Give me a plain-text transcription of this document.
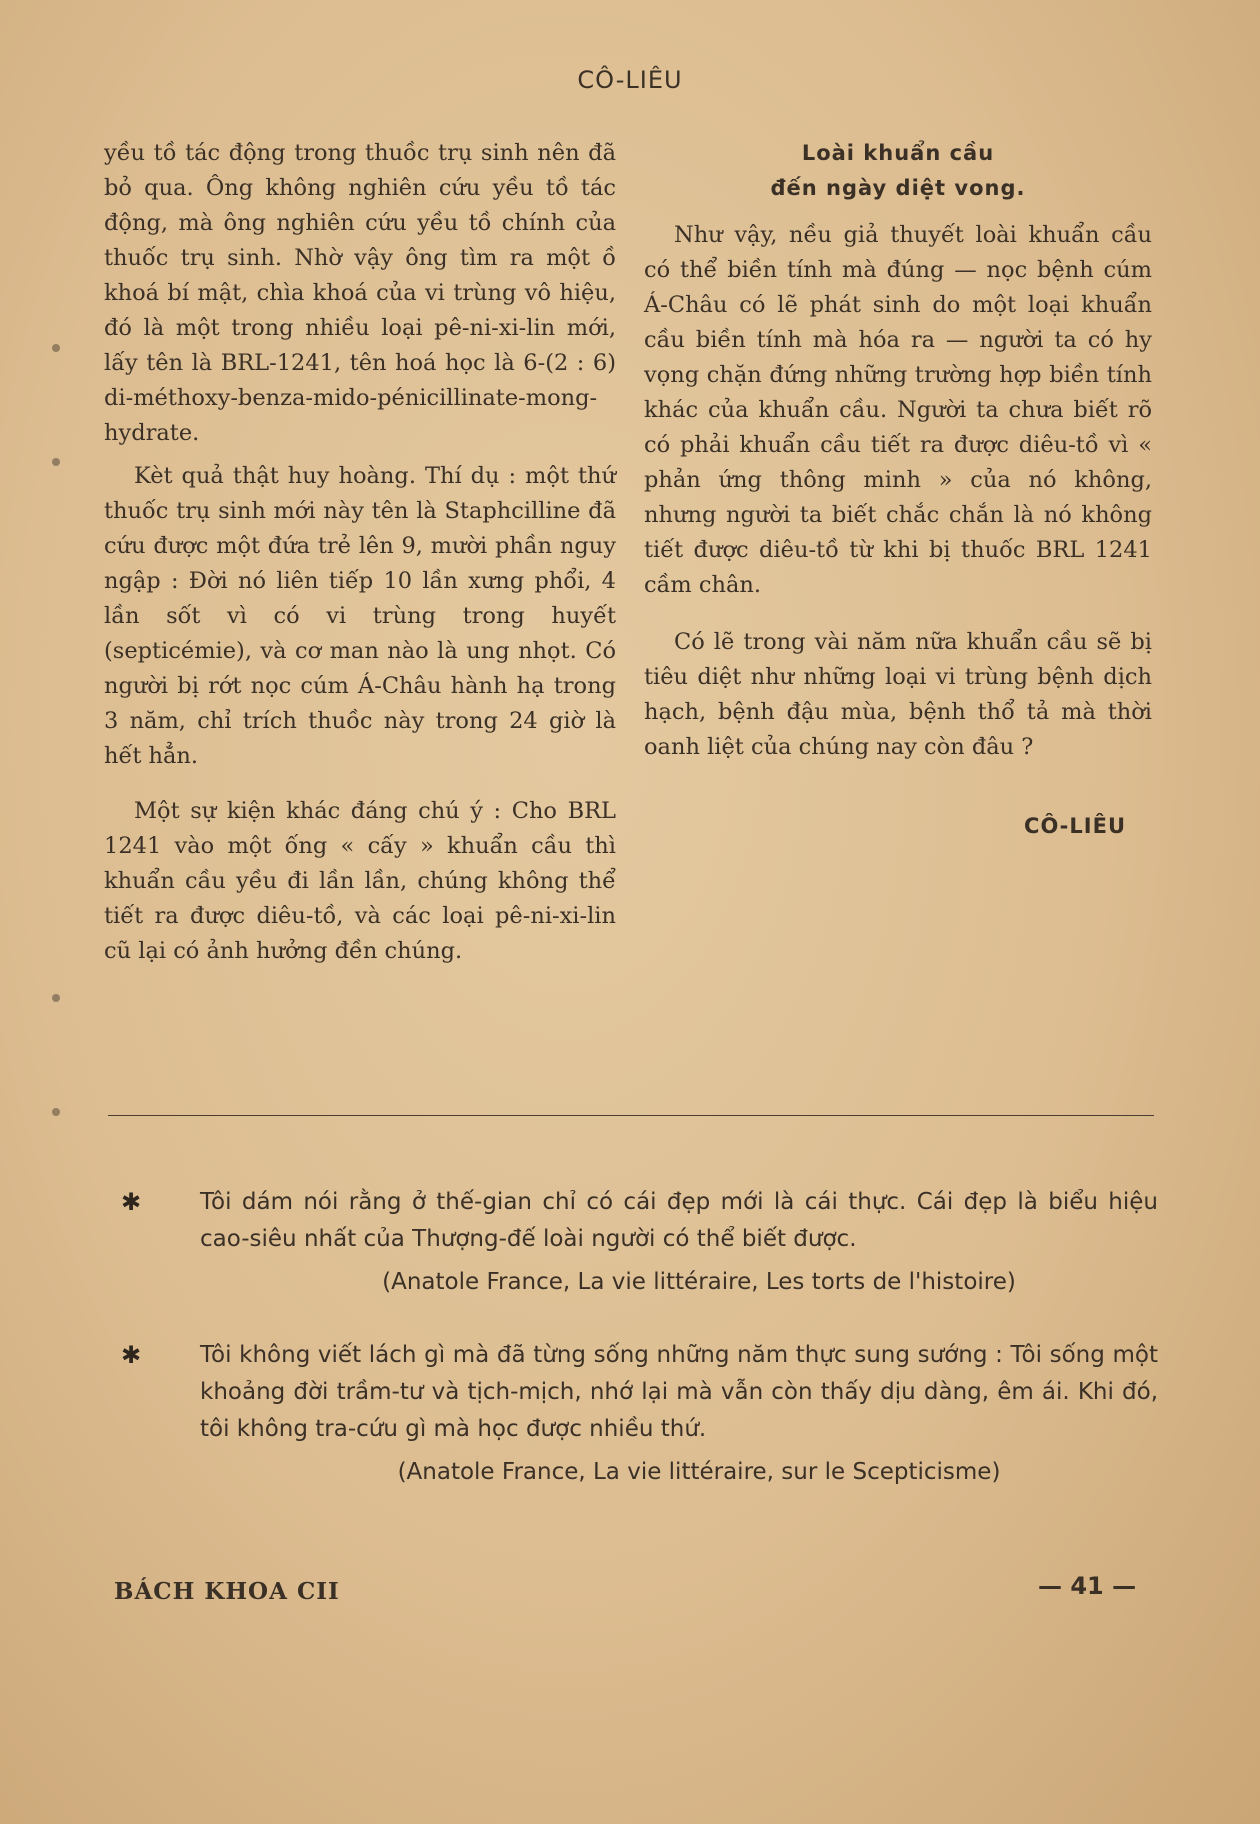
CÔ-LIÊU

yều tồ tác động trong thuồc trụ sinh nên đã bỏ qua. Ông không nghiên cứu yều tồ tác động, mà ông nghiên cứu yều tồ chính của thuốc trụ sinh. Nhờ vậy ông tìm ra một ồ khoá bí mật, chìa khoá của vi trùng vô hiệu, đó là một trong nhiều loại pê-ni-xi-lin mới, lấy tên là BRL-1241, tên hoá học là 6-(2 : 6) di-méthoxy-benza-mido-pénicillinate-mong-hydrate.

Kèt quả thật huy hoàng. Thí dụ : một thứ thuốc trụ sinh mới này tên là Staphcilline đã cứu được một đứa trẻ lên 9, mười phần nguy ngập : Đời nó liên tiếp 10 lần xưng phổi, 4 lần sốt vì có vi trùng trong huyết (septicémie), và cơ man nào là ung nhọt. Có người bị rớt nọc cúm Á-Châu hành hạ trong 3 năm, chỉ trích thuồc này trong 24 giờ là hết hẳn.

Một sự kiện khác đáng chú ý : Cho BRL 1241 vào một ống « cấy » khuẩn cầu thì khuẩn cầu yều đi lần lần, chúng không thể tiết ra được diêu-tồ, và các loại pê-ni-xi-lin cũ lại có ảnh hưởng đền chúng.

Loài khuẩn cầu
đến ngày diệt vong.

Như vậy, nều giả thuyết loài khuẩn cầu có thể biền tính mà đúng — nọc bệnh cúm Á-Châu có lẽ phát sinh do một loại khuẩn cầu biền tính mà hóa ra — người ta có hy vọng chặn đứng những trường hợp biền tính khác của khuẩn cầu. Người ta chưa biết rõ có phải khuẩn cầu tiết ra được diêu-tồ vì « phản ứng thông minh » của nó không, nhưng người ta biết chắc chắn là nó không tiết được diêu-tồ từ khi bị thuốc BRL 1241 cầm chân.

Có lẽ trong vài năm nữa khuẩn cầu sẽ bị tiêu diệt như những loại vi trùng bệnh dịch hạch, bệnh đậu mùa, bệnh thổ tả mà thời oanh liệt của chúng nay còn đâu ?

CÔ-LIÊU
✱	Tôi dám nói rằng ở thế-gian chỉ có cái đẹp mới là cái thực. Cái đẹp là biểu hiệu cao-siêu nhất của Thượng-đế loài người có thể biết được.
(Anatole France, La vie littéraire, Les torts de l'histoire)
✱	Tôi không viết lách gì mà đã từng sống những năm thực sung sướng : Tôi sống một khoảng đời trầm-tư và tịch-mịch, nhớ lại mà vẫn còn thấy dịu dàng, êm ái. Khi đó, tôi không tra-cứu gì mà học được nhiều thứ.
(Anatole France, La vie littéraire, sur le Scepticisme)
BÁCH KHOA CII	— 41 —
